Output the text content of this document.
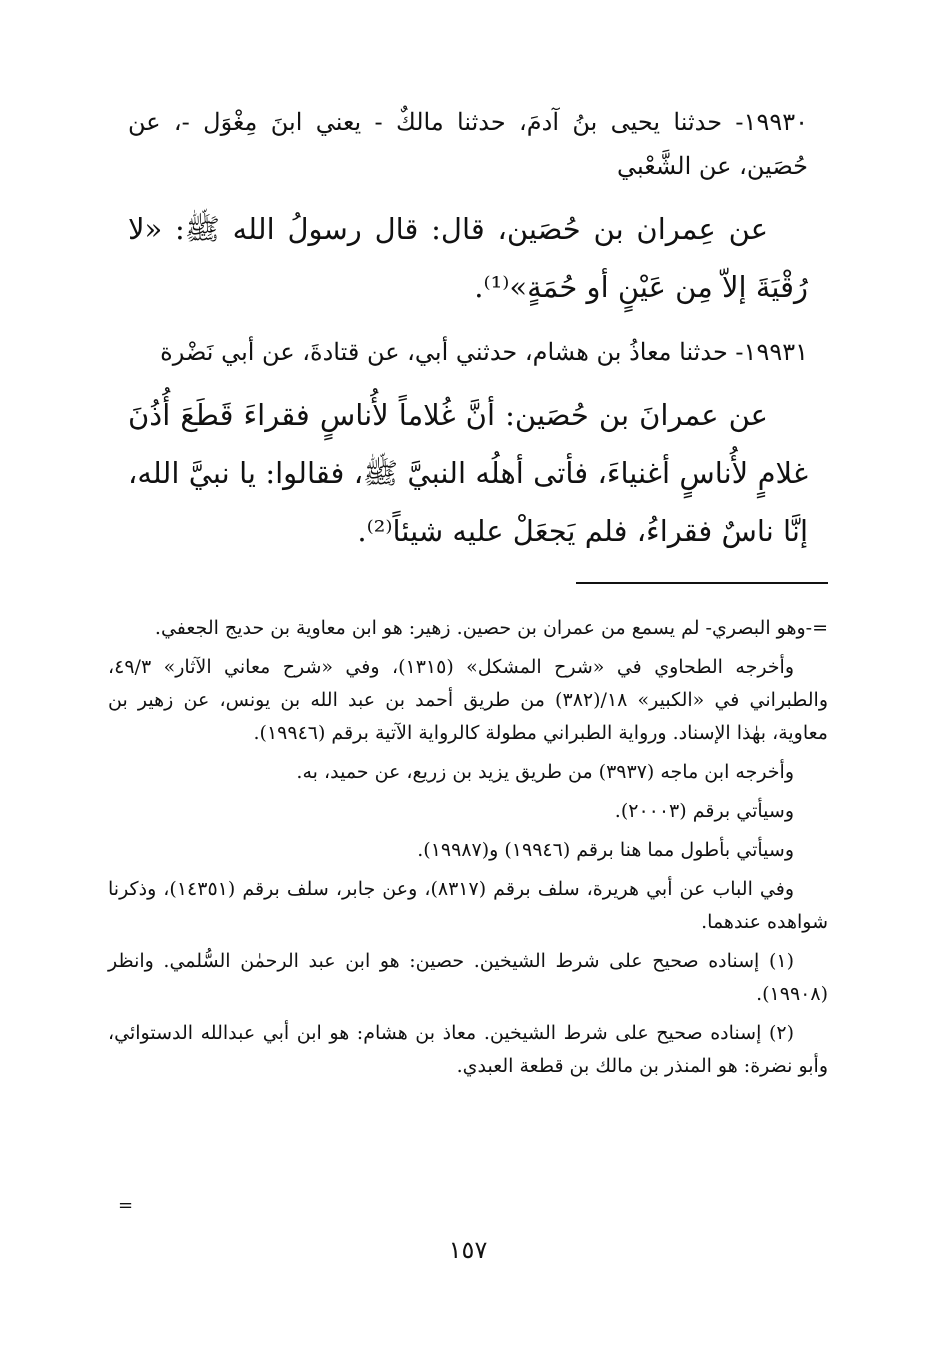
١٩٩٣٠- حدثنا يحيى بنُ آدمَ، حدثنا مالكٌ - يعني ابنَ مِغْوَل -، عن حُصَين، عن الشَّعْبي

عن عِمران بن حُصَين، قال: قال رسولُ الله ﷺ: «لا رُقْيَةَ إلاّ مِن عَيْنٍ أو حُمَةٍ»⁽¹⁾.

١٩٩٣١- حدثنا معاذُ بن هشام، حدثني أبي، عن قتادةَ، عن أبي نَضْرة

عن عمرانَ بن حُصَين: أنَّ غُلاماً لأُناسٍ فقراءَ قَطَعَ أُذُنَ غلامٍ لأُناسٍ أغنياءَ، فأتى أهلُه النبيَّ ﷺ، فقالوا: يا نبيَّ الله، إنَّا ناسٌ فقراءُ، فلم يَجعَلْ عليه شيئاً⁽²⁾.

=-وهو البصري- لم يسمع من عمران بن حصين. زهير: هو ابن معاوية بن حديج الجعفي.

وأخرجه الطحاوي في «شرح المشكل» (١٣١٥)، وفي «شرح معاني الآثار» ٤٩/٣، والطبراني في «الكبير» ١٨/(٣٨٢) من طريق أحمد بن عبد الله بن يونس، عن زهير بن معاوية، بهٰذا الإسناد. ورواية الطبراني مطولة كالرواية الآتية برقم (١٩٩٤٦).

وأخرجه ابن ماجه (٣٩٣٧) من طريق يزيد بن زريع، عن حميد، به.

وسيأتي برقم (٢٠٠٠٣).

وسيأتي بأطول مما هنا برقم (١٩٩٤٦) و(١٩٩٨٧).

وفي الباب عن أبي هريرة، سلف برقم (٨٣١٧)، وعن جابر، سلف برقم (١٤٣٥١)، وذكرنا شواهده عندهما.

(١) إسناده صحيح على شرط الشيخين. حصين: هو ابن عبد الرحمٰن السُّلمي. وانظر (١٩٩٠٨).

(٢) إسناده صحيح على شرط الشيخين. معاذ بن هشام: هو ابن أبي عبدالله الدستوائي، وأبو نضرة: هو المنذر بن مالك بن قطعة العبدي.

=
١٥٧
